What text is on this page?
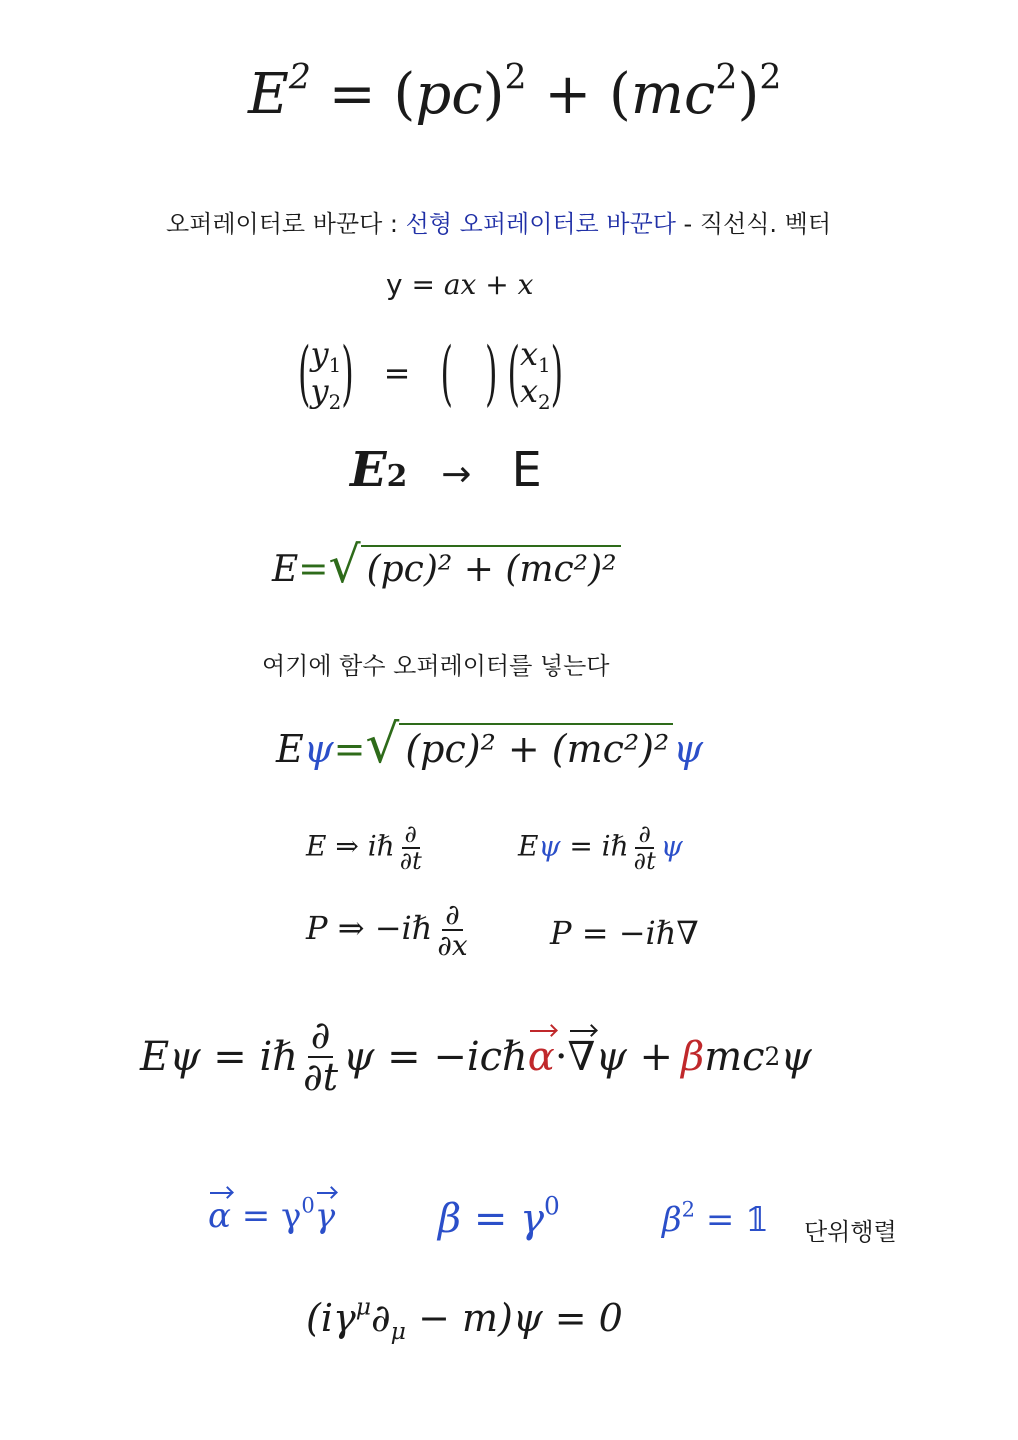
$E^2 = (pc)^2 + (mc^2)^2$
오퍼레이터로 바꾼다 : 선형 오퍼레이터로 바꾼다 - 직선식. 벡터
y = ax + x
( $y_1$
$y_2$ ) = ( ) ( $x_1$
$x_2$ )
E 2 → E
E = √ (pc)² + (mc²)²
여기에 함수 오퍼레이터를 넣는다
E ψ = √ (pc)² + (mc²)² ψ
E ⇒ iℏ $\frac{\partial}{\partial t}$	Eψ = iℏ $\frac{\partial}{\partial t}$ ψ
P ⇒ −iℏ $\frac{\partial}{\partial x}$ P = −iℏ∇
Eψ = iℏ $\frac{\partial}{\partial t}$ ψ = −icℏ α · ∇ ψ + β mc 2 ψ
$\alpha = \gamma^0\gamma$	$\beta = \gamma^0$	$\beta^2$ = 𝟙 단위행렬
$(i\gamma^\mu\partial_\mu - m)\psi = 0$
